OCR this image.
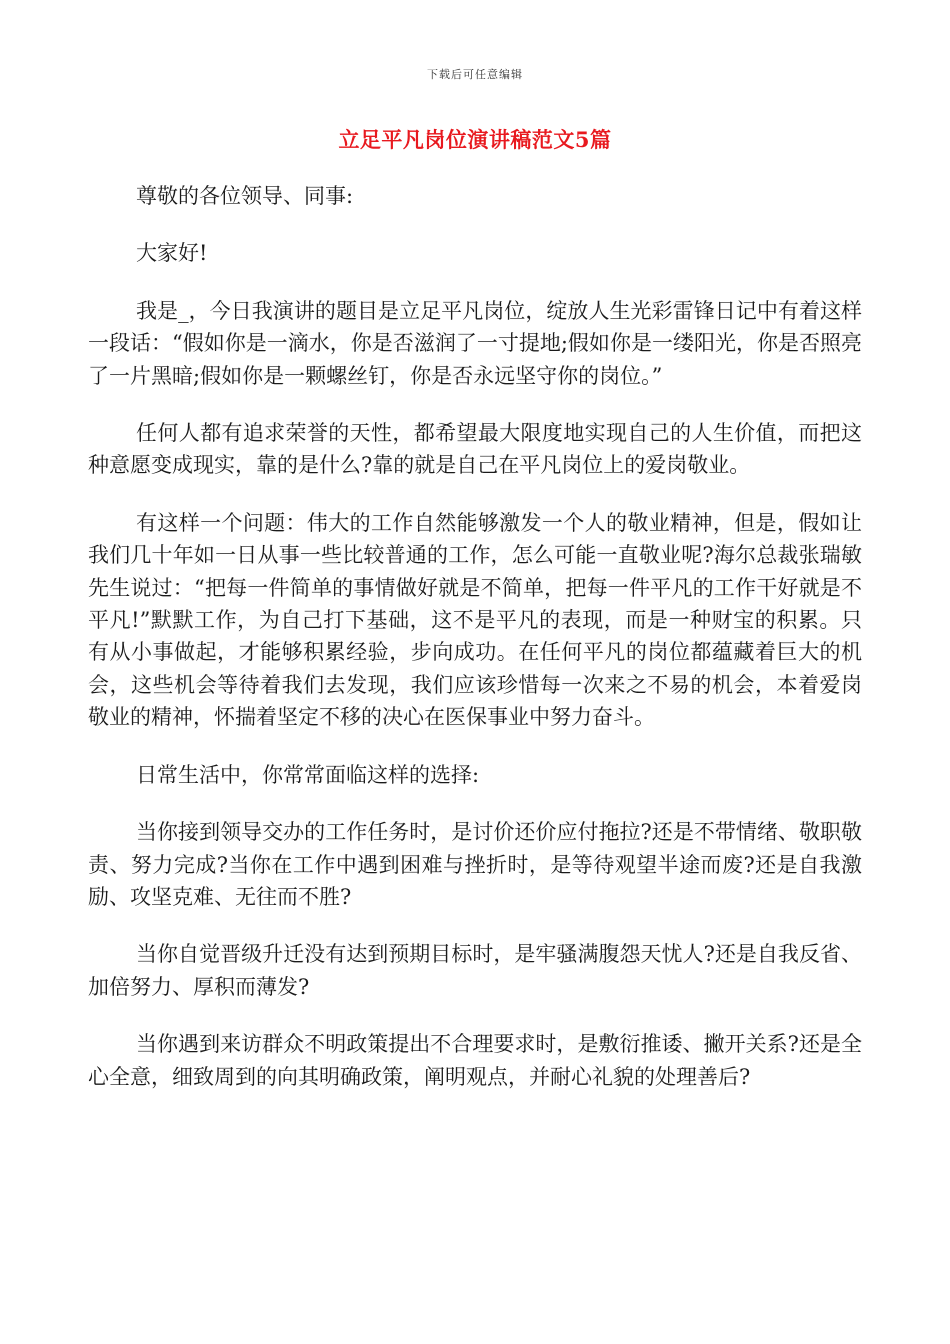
下载后可任意编辑
立足平凡岗位演讲稿范文5篇

尊敬的各位领导、同事:

大家好!

我是_，今日我演讲的题目是立足平凡岗位，绽放人生光彩雷锋日记中有着这样一段话：“假如你是一滴水，你是否滋润了一寸提地;假如你是一缕阳光，你是否照亮了一片黑暗;假如你是一颗螺丝钉，你是否永远坚守你的岗位。”

任何人都有追求荣誉的天性，都希望最大限度地实现自己的人生价值，而把这种意愿变成现实，靠的是什么?靠的就是自己在平凡岗位上的爱岗敬业。

有这样一个问题：伟大的工作自然能够激发一个人的敬业精神，但是，假如让我们几十年如一日从事一些比较普通的工作，怎么可能一直敬业呢?海尔总裁张瑞敏先生说过：“把每一件简单的事情做好就是不简单，把每一件平凡的工作干好就是不平凡!”默默工作，为自己打下基础，这不是平凡的表现，而是一种财宝的积累。只有从小事做起，才能够积累经验，步向成功。在任何平凡的岗位都蕴藏着巨大的机会，这些机会等待着我们去发现，我们应该珍惜每一次来之不易的机会，本着爱岗敬业的精神，怀揣着坚定不移的决心在医保事业中努力奋斗。

日常生活中，你常常面临这样的选择:

当你接到领导交办的工作任务时，是讨价还价应付拖拉?还是不带情绪、敬职敬责、努力完成?当你在工作中遇到困难与挫折时，是等待观望半途而废?还是自我激励、攻坚克难、无往而不胜?

当你自觉晋级升迁没有达到预期目标时，是牢骚满腹怨天忧人?还是自我反省、加倍努力、厚积而薄发?

当你遇到来访群众不明政策提出不合理要求时，是敷衍推诿、撇开关系?还是全心全意，细致周到的向其明确政策，阐明观点，并耐心礼貌的处理善后?
